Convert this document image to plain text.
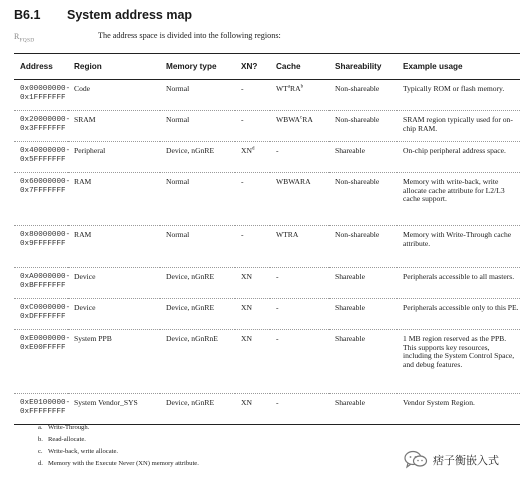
B6.1 System address map
$R_{FQSD}$
The address space is divided into the following regions:
Address	Region	Memory type	XN?	Cache	Shareability	Example usage

0x00000000-
0x1FFFFFFF	Code	Normal	-	$WT^aRA^b$	Non-shareable	Typically ROM or flash memory.

0x20000000-
0x3FFFFFFF	SRAM	Normal	-	WBWA$^c$RA	Non-shareable	SRAM region typically used for on-chip RAM.

0x40000000-
0x5FFFFFFF	Peripheral	Device, nGnRE	$XN^d$	-	Shareable	On-chip peripheral address space.

0x60000000-
0x7FFFFFFF	RAM	Normal	-	WBWARA	Non-shareable	Memory with write-back, write allocate cache attribute for L2/L3 cache support.

0x80000000-
0x9FFFFFFF	RAM	Normal	-	WTRA	Non-shareable	Memory with Write-Through cache attribute.

0xA0000000-
0xBFFFFFFF	Device	Device, nGnRE	XN	-	Shareable	Peripherals accessible to all masters.

0xC0000000-
0xDFFFFFFF	Device	Device, nGnRE	XN	-	Shareable	Peripherals accessible only to this PE.

0xE0000000-
0xE00FFFFF	System PPB	Device, nGnRnE	XN	-	Shareable	1 MB region reserved as the PPB. This supports key resources, including the System Control Space, and debug features.

0xE0100000-
0xFFFFFFFF	System Vendor_SYS	Device, nGnRE	XN	-	Shareable	Vendor System Region.
a. Write-Through.
b. Read-allocate.
c. Write-back, write allocate.
d. Memory with the Execute Never (XN) memory attribute.	痞子衡嵌入式
